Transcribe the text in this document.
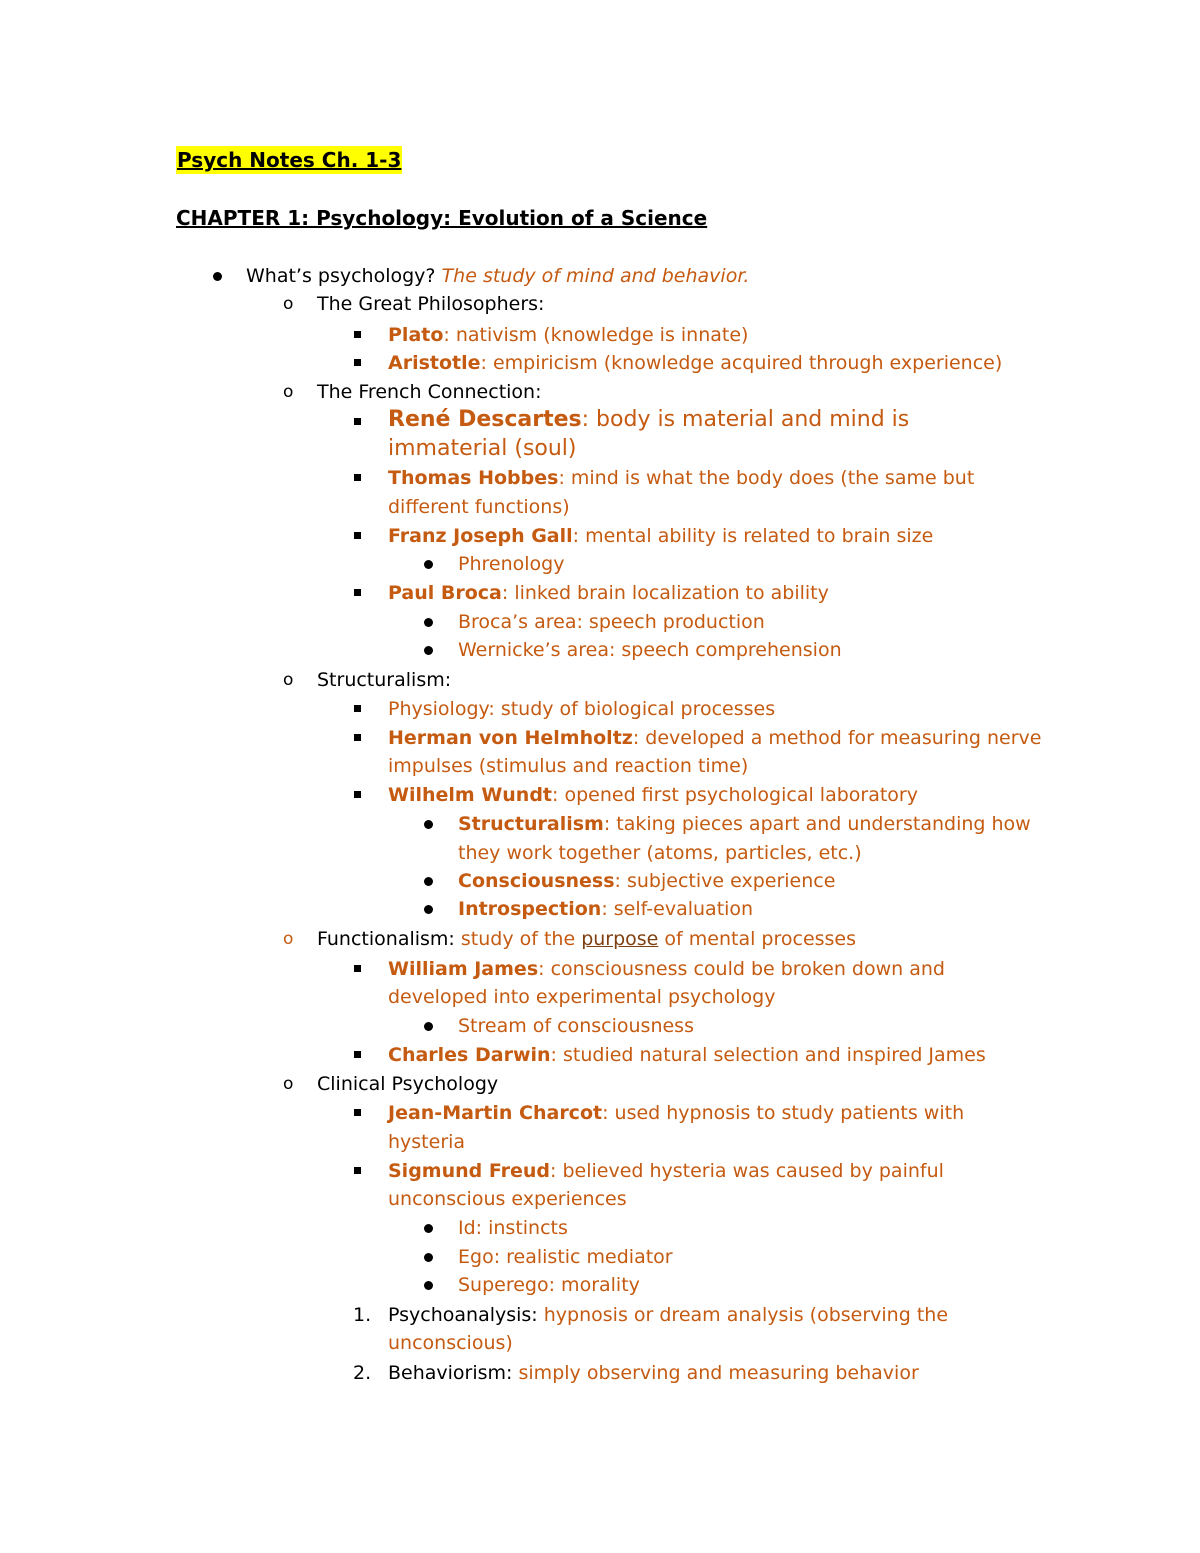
Psych Notes Ch. 1-3
CHAPTER 1: Psychology: Evolution of a Science
What’s psychology? The study of mind and behavior.
o The Great Philosophers:
Plato: nativism (knowledge is innate)
Aristotle: empiricism (knowledge acquired through experience)
o The French Connection:
René Descartes: body is material and mind is
immaterial (soul)
Thomas Hobbes: mind is what the body does (the same but
different functions)
Franz Joseph Gall: mental ability is related to brain size
Phrenology
Paul Broca: linked brain localization to ability
Broca’s area: speech production
Wernicke’s area: speech comprehension
o Structuralism:
Physiology: study of biological processes
Herman von Helmholtz: developed a method for measuring nerve
impulses (stimulus and reaction time)
Wilhelm Wundt: opened first psychological laboratory
Structuralism: taking pieces apart and understanding how
they work together (atoms, particles, etc.)
Consciousness: subjective experience
Introspection: self-evaluation
o Functionalism: study of the purpose of mental processes
William James: consciousness could be broken down and
developed into experimental psychology
Stream of consciousness
Charles Darwin: studied natural selection and inspired James
o Clinical Psychology
Jean-Martin Charcot: used hypnosis to study patients with
hysteria
Sigmund Freud: believed hysteria was caused by painful
unconscious experiences
Id: instincts
Ego: realistic mediator
Superego: morality
1. Psychoanalysis: hypnosis or dream analysis (observing the
unconscious)
2. Behaviorism: simply observing and measuring behavior
